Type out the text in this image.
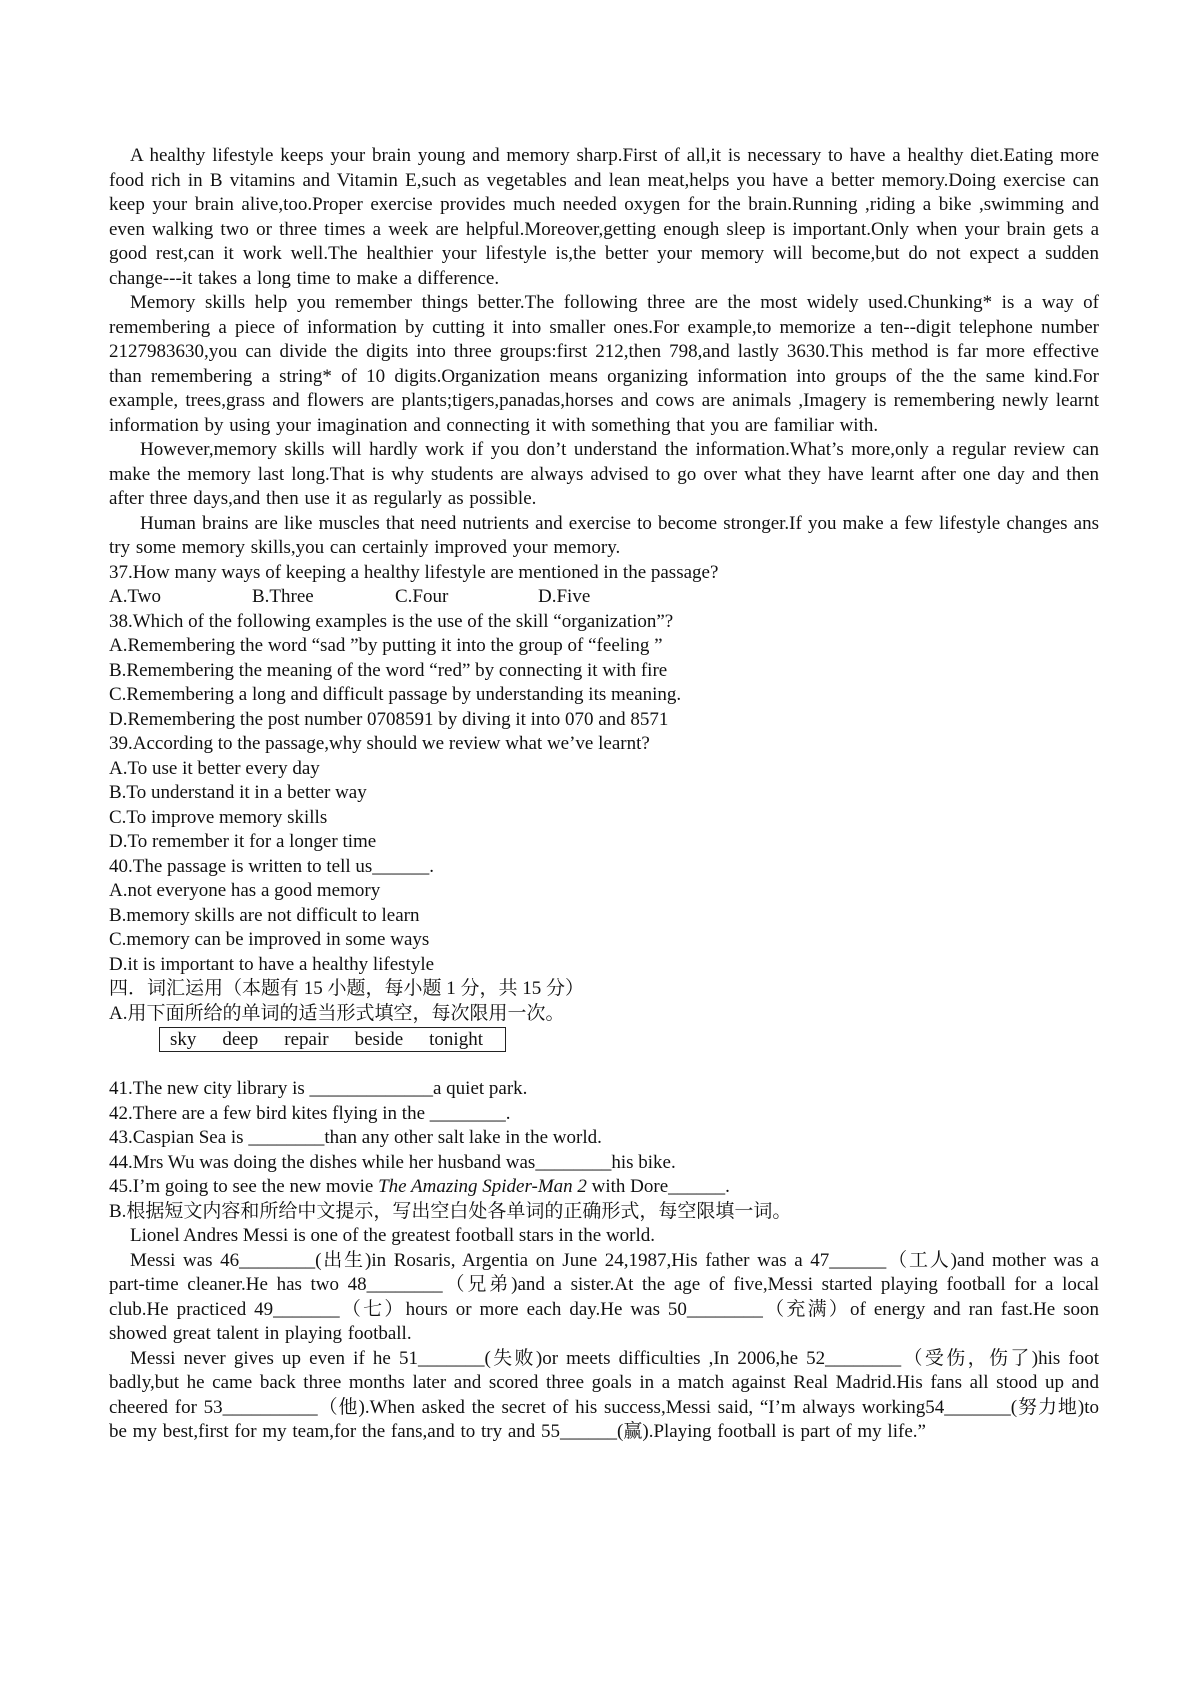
A healthy lifestyle keeps your brain young and memory sharp.First of all,it is necessary to have a healthy diet.Eating more food rich in B vitamins and Vitamin E,such as vegetables and lean meat,helps you have a better memory.Doing exercise can keep your brain alive,too.Proper exercise provides much needed oxygen for the brain.Running ,riding a bike ,swimming and even walking two or three times a week are helpful.Moreover,getting enough sleep is important.Only when your brain gets a good rest,can it work well.The healthier your lifestyle is,the better your memory will become,but do not expect a sudden change---it takes a long time to make a difference.

Memory skills help you remember things better.The following three are the most widely used.Chunking* is a way of remembering a piece of information by cutting it into smaller ones.For example,to memorize a ten--digit telephone number 2127983630,you can divide the digits into three groups:first 212,then 798,and lastly 3630.This method is far more effective than remembering a string* of 10 digits.Organization means organizing information into groups of the the same kind.For example, trees,grass and flowers are plants;tigers,panadas,horses and cows are animals ,Imagery is remembering newly learnt information by using your imagination and connecting it with something that you are familiar with.

However,memory skills will hardly work if you don’t understand the information.What’s more,only a regular review can make the memory last long.That is why students are always advised to go over what they have learnt after one day and then after three days,and then use it as regularly as possible.

Human brains are like muscles that need nutrients and exercise to become stronger.If you make a few lifestyle changes ans try some memory skills,you can certainly improved your memory.

37.How many ways of keeping a healthy lifestyle are mentioned in the passage?

A.Two	B.Three	C.Four	D.Five

38.Which of the following examples is the use of the skill “organization”?

A.Remembering the word “sad ”by putting it into the group of “feeling ”

B.Remembering the meaning of the word “red” by connecting it with fire

C.Remembering a long and difficult passage by understanding its meaning.

D.Remembering the post number 0708591 by diving it into 070 and 8571

39.According to the passage,why should we review what we’ve learnt?

A.To use it better every day

B.To understand it in a better way

C.To improve memory skills

D.To remember it for a longer time

40.The passage is written to tell us______.

A.not everyone has a good memory

B.memory skills are not difficult to learn

C.memory can be improved in some ways

D.it is important to have a healthy lifestyle

四．词汇运用（本题有 15 小题，每小题 1 分，共 15 分）

A.用下面所给的单词的适当形式填空，每次限用一次。

sky deep repair beside tonight

41.The new city library is _____________a quiet park.

42.There are a few bird kites flying in the ________.

43.Caspian Sea is ________than any other salt lake in the world.

44.Mrs Wu was doing the dishes while her husband was________his bike.

45.I’m going to see the new movie The Amazing Spider-Man 2 with Dore______.

B.根据短文内容和所给中文提示，写出空白处各单词的正确形式，每空限填一词。

Lionel Andres Messi is one of the greatest football stars in the world.

Messi was 46________(出生)in Rosaris, Argentia on June 24,1987,His father was a 47______（工人)and mother was a part-time cleaner.He has two 48________（兄弟)and a sister.At the age of five,Messi started playing football for a local club.He practiced 49_______（七）hours or more each day.He was 50________（充满）of energy and ran fast.He soon showed great talent in playing football.

Messi never gives up even if he 51_______(失败)or meets difficulties ,In 2006,he 52________（受伤，伤了)his foot badly,but he came back three months later and scored three goals in a match against Real Madrid.His fans all stood up and cheered for 53__________（他).When asked the secret of his success,Messi said, “I’m always working54_______(努力地)to be my best,first for my team,for the fans,and to try and 55______(赢).Playing football is part of my life.”
